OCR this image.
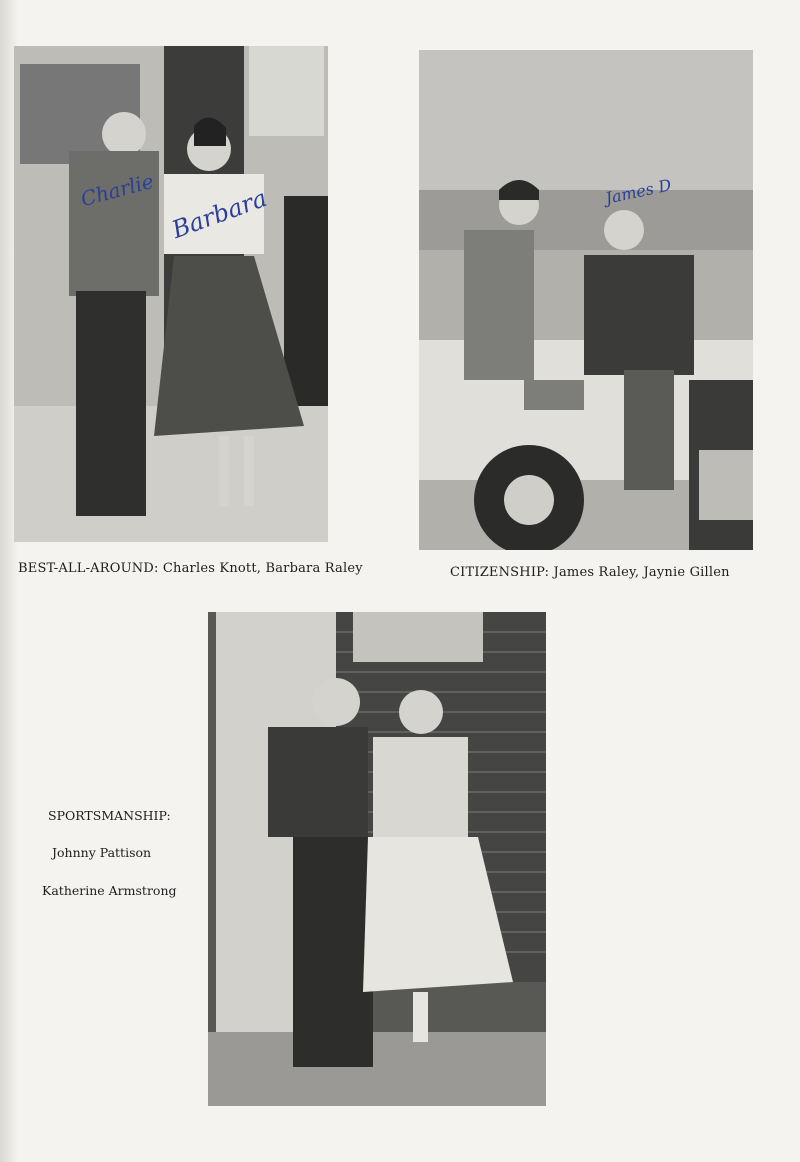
Charlie Barbara
BEST-ALL-AROUND: Charles Knott, Barbara Raley
James D
CITIZENSHIP: James Raley, Jaynie Gillen
SPORTSMANSHIP:
Johnny Pattison
Katherine Armstrong
